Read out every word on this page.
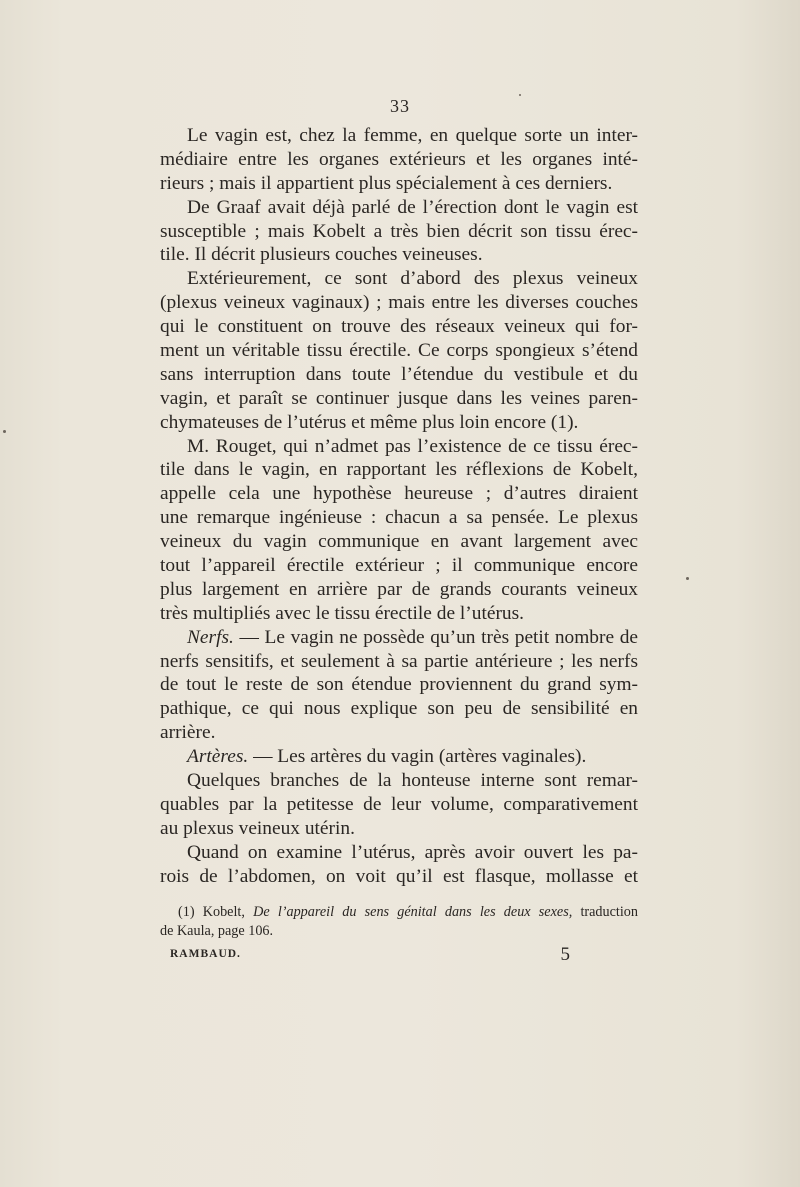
33
Le vagin est, chez la femme, en quelque sorte un inter-
médiaire entre les organes extérieurs et les organes inté-
rieurs ; mais il appartient plus spécialement à ces derniers.
De Graaf avait déjà parlé de l’érection dont le vagin est
susceptible ; mais Kobelt a très bien décrit son tissu érec-
tile. Il décrit plusieurs couches veineuses.
Extérieurement, ce sont d’abord des plexus veineux
(plexus veineux vaginaux) ; mais entre les diverses couches
qui le constituent on trouve des réseaux veineux qui for-
ment un véritable tissu érectile. Ce corps spongieux s’étend
sans interruption dans toute l’étendue du vestibule et du
vagin, et paraît se continuer jusque dans les veines paren-
chymateuses de l’utérus et même plus loin encore (1).
M. Rouget, qui n’admet pas l’existence de ce tissu érec-
tile dans le vagin, en rapportant les réflexions de Kobelt,
appelle cela une hypothèse heureuse ; d’autres diraient
une remarque ingénieuse : chacun a sa pensée. Le plexus
veineux du vagin communique en avant largement avec
tout l’appareil érectile extérieur ; il communique encore
plus largement en arrière par de grands courants veineux
très multipliés avec le tissu érectile de l’utérus.
Nerfs. — Le vagin ne possède qu’un très petit nombre de
nerfs sensitifs, et seulement à sa partie antérieure ; les nerfs
de tout le reste de son étendue proviennent du grand sym-
pathique, ce qui nous explique son peu de sensibilité en
arrière.
Artères. — Les artères du vagin (artères vaginales).
Quelques branches de la honteuse interne sont remar-
quables par la petitesse de leur volume, comparativement
au plexus veineux utérin.
Quand on examine l’utérus, après avoir ouvert les pa-
rois de l’abdomen, on voit qu’il est flasque, mollasse et
(1) Kobelt, De l’appareil du sens génital dans les deux sexes, traduction
de Kaula, page 106.
RAMBAUD.	5
